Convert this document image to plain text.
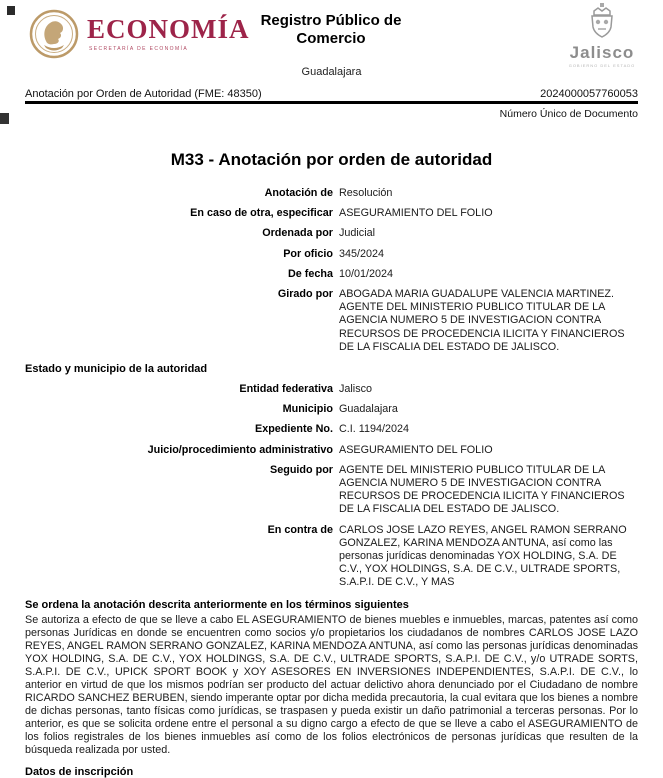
ECONOMÍA
SECRETARÍA DE ECONOMÍA
Registro Público de Comercio
Guadalajara
Jalisco
GOBIERNO DEL ESTADO
Anotación por Orden de Autoridad (FME: 48350)	2024000057760053
Número Único de Documento
M33 - Anotación por orden de autoridad
Anotación de Resolución
En caso de otra, especificar ASEGURAMIENTO DEL FOLIO
Ordenada por Judicial
Por oficio 345/2024
De fecha 10/01/2024
Girado por ABOGADA MARIA GUADALUPE VALENCIA MARTINEZ. AGENTE DEL MINISTERIO PUBLICO TITULAR DE LA AGENCIA NUMERO 5 DE INVESTIGACION CONTRA RECURSOS DE PROCEDENCIA ILICITA Y FINANCIEROS DE LA FISCALIA DEL ESTADO DE JALISCO.
Estado y municipio de la autoridad
Entidad federativa Jalisco
Municipio Guadalajara
Expediente No. C.I. 1194/2024
Juicio/procedimiento administrativo ASEGURAMIENTO DEL FOLIO
Seguido por AGENTE DEL MINISTERIO PUBLICO TITULAR DE LA AGENCIA NUMERO 5 DE INVESTIGACION CONTRA RECURSOS DE PROCEDENCIA ILICITA Y FINANCIEROS DE LA FISCALIA DEL ESTADO DE JALISCO.
En contra de CARLOS JOSE LAZO REYES, ANGEL RAMON SERRANO GONZALEZ, KARINA MENDOZA ANTUNA, así como las personas jurídicas denominadas YOX HOLDING, S.A. DE C.V., YOX HOLDINGS, S.A. DE C.V., ULTRADE SPORTS, S.A.P.I. DE C.V., Y MAS
Se ordena la anotación descrita anteriormente en los términos siguientes
Se autoriza a efecto de que se lleve a cabo EL ASEGURAMIENTO de bienes muebles e inmuebles, marcas, patentes así como personas Jurídicas en donde se encuentren como socios y/o propietarios los ciudadanos de nombres CARLOS JOSE LAZO REYES, ANGEL RAMON SERRANO GONZALEZ, KARINA MENDOZA ANTUNA, así como las personas jurídicas denominadas YOX HOLDING, S.A. DE C.V., YOX HOLDINGS, S.A. DE C.V., ULTRADE SPORTS, S.A.P.I. DE C.V., y/o UTRADE SORTS, S.A.P.I. DE C.V., UPICK SPORT BOOK y XOY ASESORES EN INVERSIONES INDEPENDIENTES, S.A.P.I. DE C.V., lo anterior en virtud de que los mismos podrían ser producto del actuar delictivo ahora denunciado por el Ciudadano de nombre RICARDO SANCHEZ BERUBEN, siendo imperante optar por dicha medida precautoria, la cual evitara que los bienes a nombre de dichas personas, tanto físicas como jurídicas, se traspasen y pueda existir un daño patrimonial a terceras personas. Por lo anterior, es que se solicita ordene entre el personal a su digno cargo a efecto de que se lleve a cabo el ASEGURAMIENTO de los folios registrales de los bienes inmuebles así como de los folios electrónicos de personas jurídicas que resulten de la búsqueda realizada por usted.
Datos de inscripción
